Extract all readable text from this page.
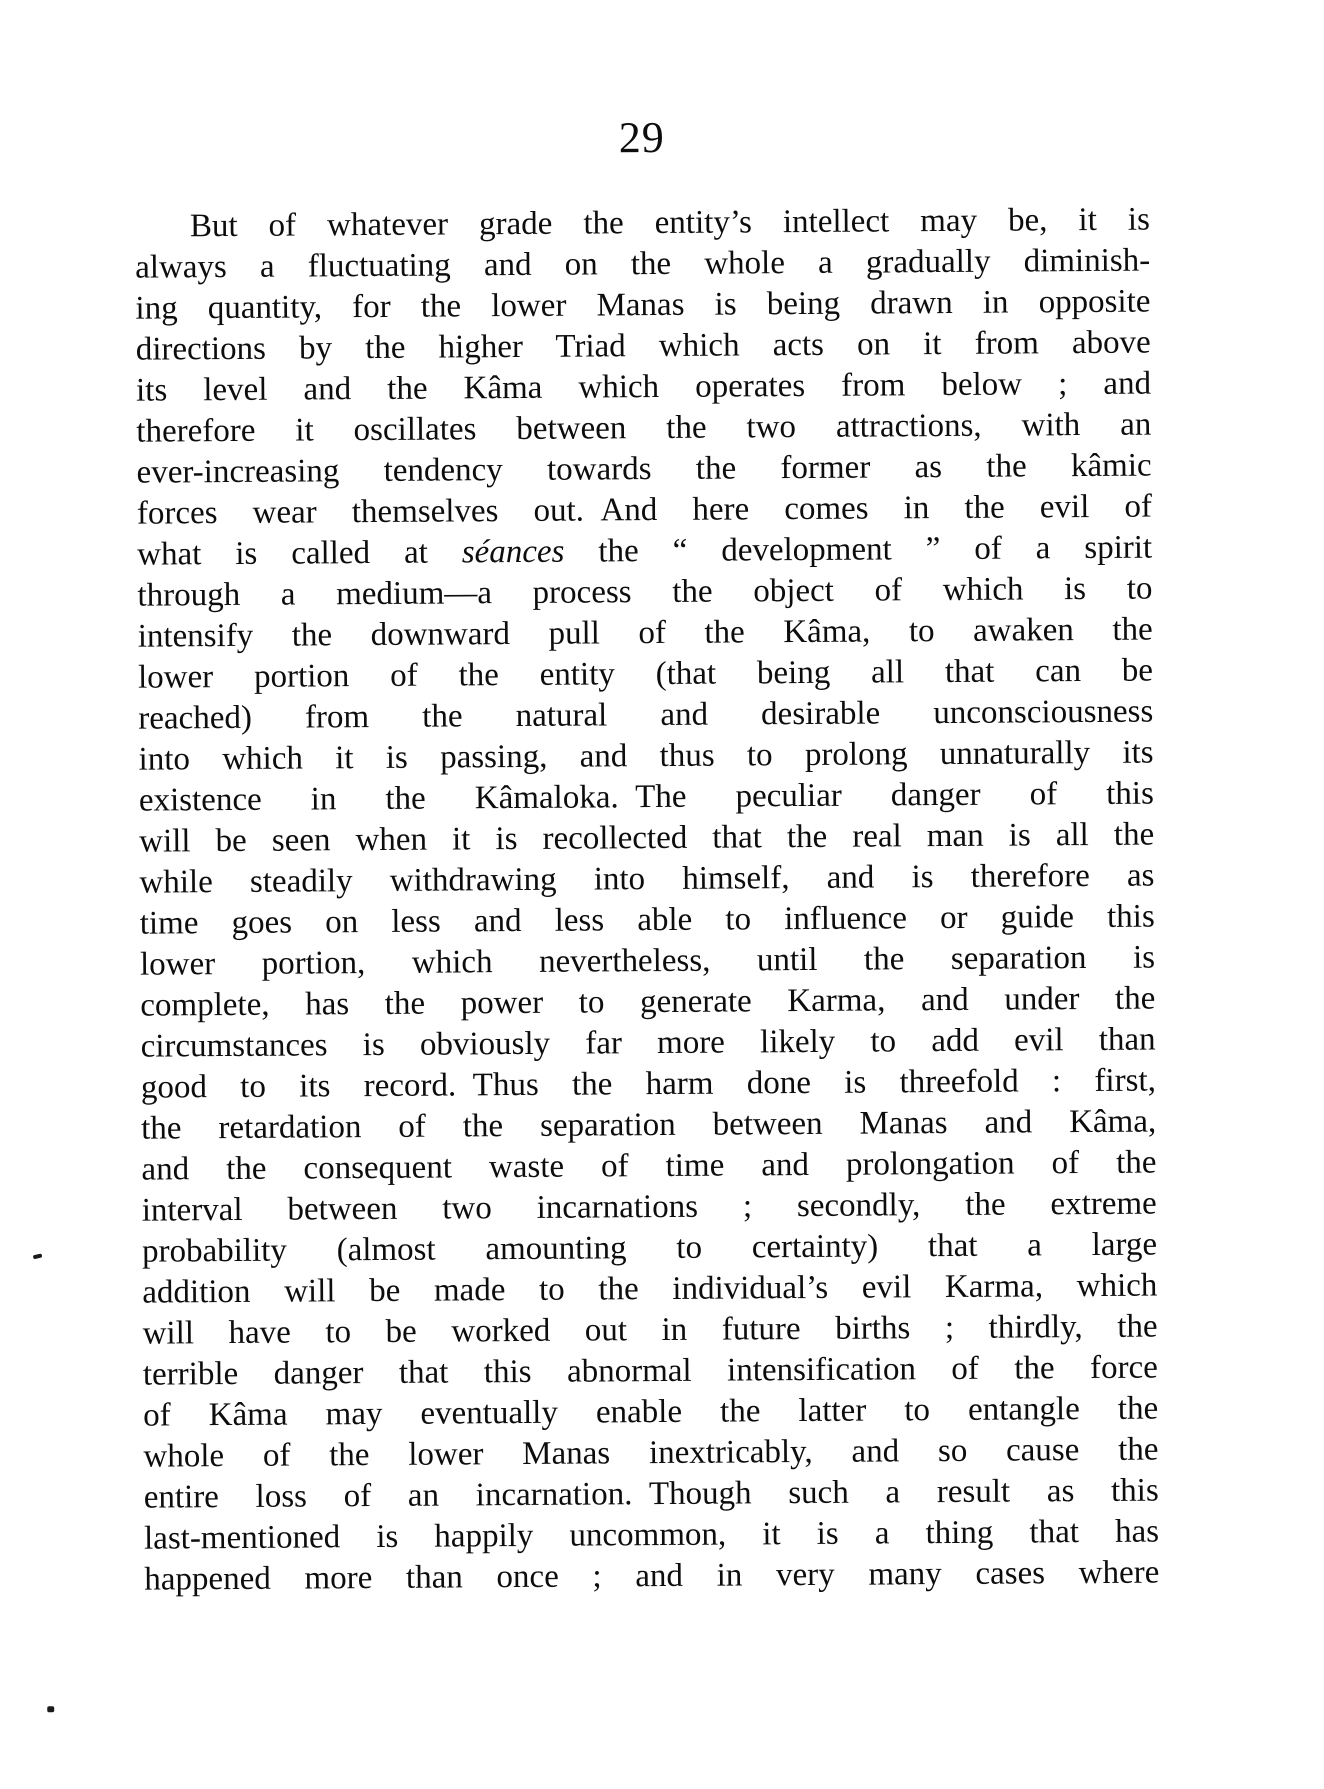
29
But of whatever grade the entity’s intellect may be, it is
always a fluctuating and on the whole a gradually diminish-
ing quantity, for the lower Manas is being drawn in opposite
directions by the higher Triad which acts on it from above
its level and the Kâma which operates from below ; and
therefore it oscillates between the two attractions, with an
ever-increasing tendency towards the former as the kâmic
forces wear themselves out. And here comes in the evil of
what is called at séances the “ development ” of a spirit
through a medium—a process the object of which is to
intensify the downward pull of the Kâma, to awaken the
lower portion of the entity (that being all that can be
reached) from the natural and desirable unconsciousness
into which it is passing, and thus to prolong unnaturally its
existence in the Kâmaloka. The peculiar danger of this
will be seen when it is recollected that the real man is all the
while steadily withdrawing into himself, and is therefore as
time goes on less and less able to influence or guide this
lower portion, which nevertheless, until the separation is
complete, has the power to generate Karma, and under the
circumstances is obviously far more likely to add evil than
good to its record. Thus the harm done is threefold : first,
the retardation of the separation between Manas and Kâma,
and the consequent waste of time and prolongation of the
interval between two incarnations ; secondly, the extreme
probability (almost amounting to certainty) that a large
addition will be made to the individual’s evil Karma, which
will have to be worked out in future births ; thirdly, the
terrible danger that this abnormal intensification of the force
of Kâma may eventually enable the latter to entangle the
whole of the lower Manas inextricably, and so cause the
entire loss of an incarnation. Though such a result as this
last-mentioned is happily uncommon, it is a thing that has
happened more than once ; and in very many cases where
